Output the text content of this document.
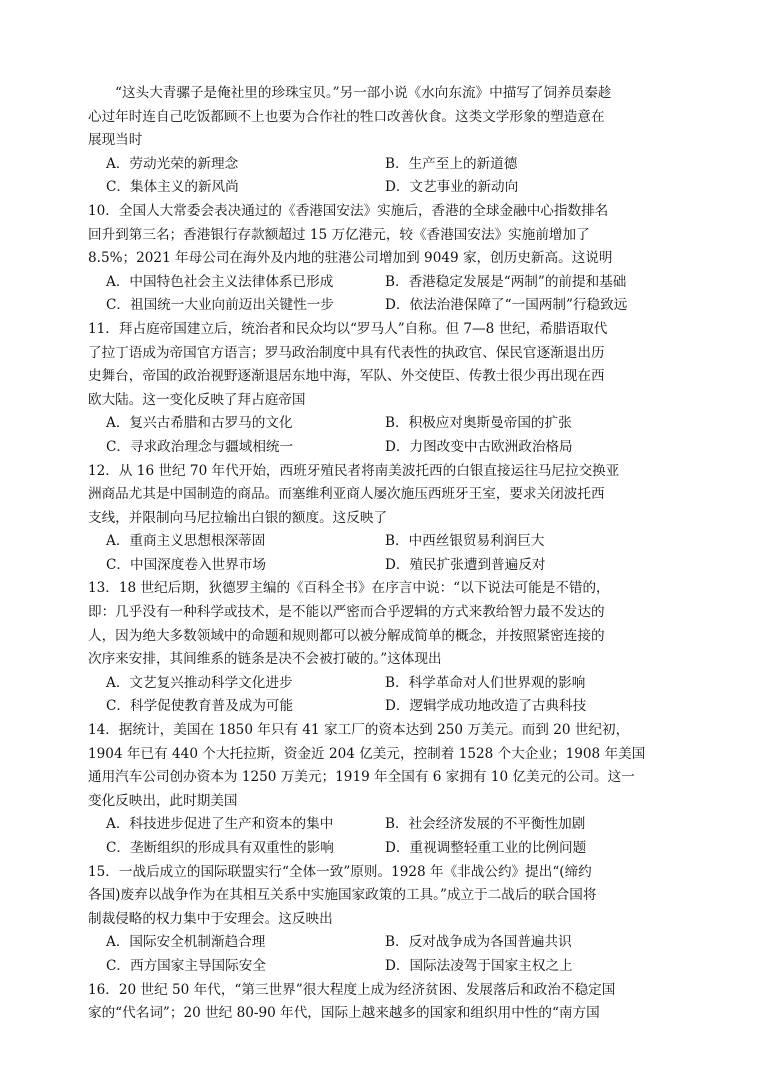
“这头大青骡子是俺社里的珍珠宝贝。”另一部小说《水向东流》中描写了饲养员秦趁
心过年时连自己吃饭都顾不上也要为合作社的牲口改善伙食。这类文学形象的塑造意在
展现当时
A．劳动光荣的新理念	B．生产至上的新道德
C．集体主义的新风尚	D．文艺事业的新动向
10．全国人大常委会表决通过的《香港国安法》实施后，香港的全球金融中心指数排名
回升到第三名；香港银行存款额超过 15 万亿港元，较《香港国安法》实施前增加了
8.5%；2021 年母公司在海外及内地的驻港公司增加到 9049 家，创历史新高。这说明
A．中国特色社会主义法律体系已形成	B．香港稳定发展是“两制”的前提和基础
C．祖国统一大业向前迈出关键性一步	D．依法治港保障了“一国两制”行稳致远
11．拜占庭帝国建立后，统治者和民众均以“罗马人”自称。但 7—8 世纪，希腊语取代
了拉丁语成为帝国官方语言；罗马政治制度中具有代表性的执政官、保民官逐渐退出历
史舞台，帝国的政治视野逐渐退居东地中海，军队、外交使臣、传教士很少再出现在西
欧大陆。这一变化反映了拜占庭帝国
A．复兴古希腊和古罗马的文化	B．积极应对奥斯曼帝国的扩张
C．寻求政治理念与疆域相统一	D．力图改变中古欧洲政治格局
12．从 16 世纪 70 年代开始，西班牙殖民者将南美波托西的白银直接运往马尼拉交换亚
洲商品尤其是中国制造的商品。而塞维利亚商人屡次施压西班牙王室，要求关闭波托西
支线，并限制向马尼拉输出白银的额度。这反映了
A．重商主义思想根深蒂固	B．中西丝银贸易利润巨大
C．中国深度卷入世界市场	D．殖民扩张遭到普遍反对
13．18 世纪后期，狄德罗主编的《百科全书》在序言中说：“以下说法可能是不错的，
即：几乎没有一种科学或技术，是不能以严密而合乎逻辑的方式来教给智力最不发达的
人，因为绝大多数领域中的命题和规则都可以被分解成简单的概念，并按照紧密连接的
次序来安排，其间维系的链条是决不会被打破的。”这体现出
A．文艺复兴推动科学文化进步	B．科学革命对人们世界观的影响
C．科学促使教育普及成为可能	D．逻辑学成功地改造了古典科技
14．据统计，美国在 1850 年只有 41 家工厂的资本达到 250 万美元。而到 20 世纪初，
1904 年已有 440 个大托拉斯，资金近 204 亿美元，控制着 1528 个大企业；1908 年美国
通用汽车公司创办资本为 1250 万美元；1919 年全国有 6 家拥有 10 亿美元的公司。这一
变化反映出，此时期美国
A．科技进步促进了生产和资本的集中	B．社会经济发展的不平衡性加剧
C．垄断组织的形成具有双重性的影响	D．重视调整轻重工业的比例问题
15．一战后成立的国际联盟实行“全体一致”原则。1928 年《非战公约》提出“(缔约
各国)废弃以战争作为在其相互关系中实施国家政策的工具。”成立于二战后的联合国将
制裁侵略的权力集中于安理会。这反映出
A．国际安全机制渐趋合理	B．反对战争成为各国普遍共识
C．西方国家主导国际安全	D．国际法凌驾于国家主权之上
16．20 世纪 50 年代，“第三世界”很大程度上成为经济贫困、发展落后和政治不稳定国
家的“代名词”；20 世纪 80-90 年代，国际上越来越多的国家和组织用中性的“南方国
